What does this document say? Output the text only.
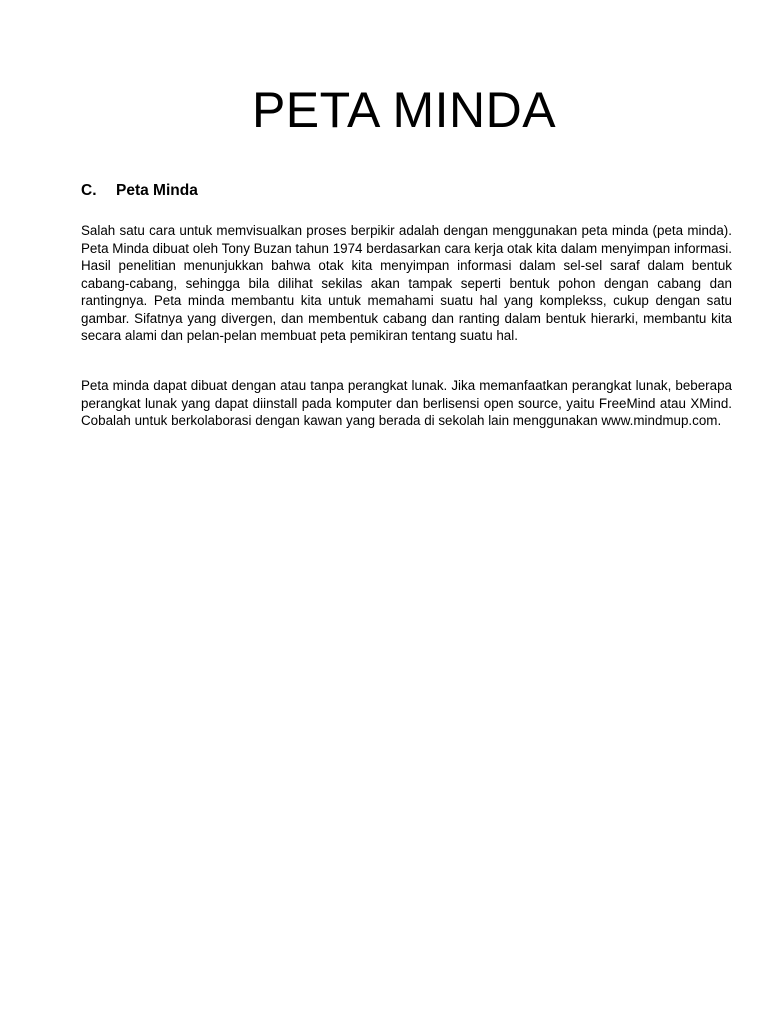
PETA MINDA
C. Peta Minda

Salah satu cara untuk memvisualkan proses berpikir adalah dengan menggunakan peta minda (peta minda). Peta Minda dibuat oleh Tony Buzan tahun 1974 berdasarkan cara kerja otak kita dalam menyimpan informasi. Hasil penelitian menunjukkan bahwa otak kita menyimpan informasi dalam sel-sel saraf dalam bentuk cabang-cabang, sehingga bila dilihat sekilas akan tampak seperti bentuk pohon dengan cabang dan rantingnya. Peta minda membantu kita untuk memahami suatu hal yang komplekss, cukup dengan satu gambar. Sifatnya yang divergen, dan membentuk cabang dan ranting dalam bentuk hierarki, membantu kita secara alami dan pelan-pelan membuat peta pemikiran tentang suatu hal.

Peta minda dapat dibuat dengan atau tanpa perangkat lunak. Jika memanfaatkan perangkat lunak, beberapa perangkat lunak yang dapat diinstall pada komputer dan berlisensi open source, yaitu FreeMind atau XMind. Cobalah untuk berkolaborasi dengan kawan yang berada di sekolah lain menggunakan www.mindmup.com.
